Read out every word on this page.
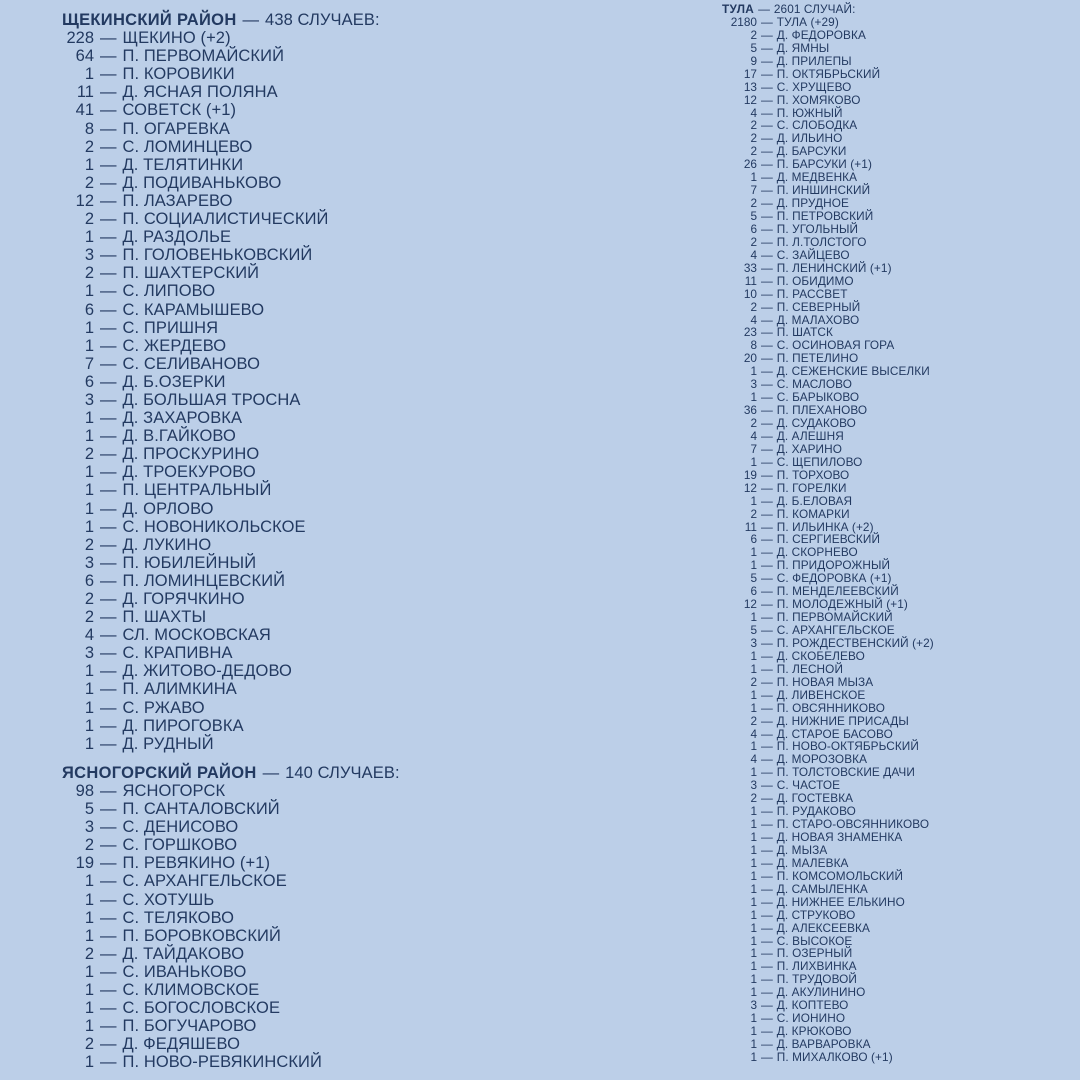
ЩЕКИНСКИЙ РАЙОН — 438 СЛУЧАЕВ:
228 — ЩЕКИНО (+2)
64 — П. ПЕРВОМАЙСКИЙ
1 — П. КОРОВИКИ
11 — Д. ЯСНАЯ ПОЛЯНА
41 — СОВЕТСК (+1)
8 — П. ОГАРЕВКА
2 — С. ЛОМИНЦЕВО
1 — Д. ТЕЛЯТИНКИ
2 — Д. ПОДИВАНЬКОВО
12 — П. ЛАЗАРЕВО
2 — П. СОЦИАЛИСТИЧЕСКИЙ
1 — Д. РАЗДОЛЬЕ
3 — П. ГОЛОВЕНЬКОВСКИЙ
2 — П. ШАХТЕРСКИЙ
1 — С. ЛИПОВО
6 — С. КАРАМЫШЕВО
1 — С. ПРИШНЯ
1 — С. ЖЕРДЕВО
7 — С. СЕЛИВАНОВО
6 — Д. Б.ОЗЕРКИ
3 — Д. БОЛЬШАЯ ТРОСНА
1 — Д. ЗАХАРОВКА
1 — Д. В.ГАЙКОВО
2 — Д. ПРОСКУРИНО
1 — Д. ТРОЕКУРОВО
1 — П. ЦЕНТРАЛЬНЫЙ
1 — Д. ОРЛОВО
1 — С. НОВОНИКОЛЬСКОЕ
2 — Д. ЛУКИНО
3 — П. ЮБИЛЕЙНЫЙ
6 — П. ЛОМИНЦЕВСКИЙ
2 — Д. ГОРЯЧКИНО
2 — П. ШАХТЫ
4 — СЛ. МОСКОВСКАЯ
3 — С. КРАПИВНА
1 — Д. ЖИТОВО-ДЕДОВО
1 — П. АЛИМКИНА
1 — С. РЖАВО
1 — Д. ПИРОГОВКА
1 — Д. РУДНЫЙ
ЯСНОГОРСКИЙ РАЙОН — 140 СЛУЧАЕВ:
98 — ЯСНОГОРСК
5 — П. САНТАЛОВСКИЙ
3 — С. ДЕНИСОВО
2 — С. ГОРШКОВО
19 — П. РЕВЯКИНО (+1)
1 — С. АРХАНГЕЛЬСКОЕ
1 — С. ХОТУШЬ
1 — С. ТЕЛЯКОВО
1 — П. БОРОВКОВСКИЙ
2 — Д. ТАЙДАКОВО
1 — С. ИВАНЬКОВО
1 — С. КЛИМОВСКОЕ
1 — С. БОГОСЛОВСКОЕ
1 — П. БОГУЧАРОВО
2 — Д. ФЕДЯШЕВО
1 — П. НОВО-РЕВЯКИНСКИЙ
ТУЛА — 2601 СЛУЧАЙ:
2180 — ТУЛА (+29)
2 — Д. ФЕДОРОВКА
5 — Д. ЯМНЫ
9 — Д. ПРИЛЕПЫ
17 — П. ОКТЯБРЬСКИЙ
13 — С. ХРУЩЕВО
12 — П. ХОМЯКОВО
4 — П. ЮЖНЫЙ
2 — С. СЛОБОДКА
2 — Д. ИЛЬИНО
2 — Д. БАРСУКИ
26 — П. БАРСУКИ (+1)
1 — Д. МЕДВЕНКА
7 — П. ИНШИНСКИЙ
2 — Д. ПРУДНОЕ
5 — П. ПЕТРОВСКИЙ
6 — П. УГОЛЬНЫЙ
2 — П. Л.ТОЛСТОГО
4 — С. ЗАЙЦЕВО
33 — П. ЛЕНИНСКИЙ (+1)
11 — П. ОБИДИМО
10 — П. РАССВЕТ
2 — П. СЕВЕРНЫЙ
4 — Д. МАЛАХОВО
23 — П. ШАТСК
8 — С. ОСИНОВАЯ ГОРА
20 — П. ПЕТЕЛИНО
1 — Д. СЕЖЕНСКИЕ ВЫСЕЛКИ
3 — С. МАСЛОВО
1 — С. БАРЫКОВО
36 — П. ПЛЕХАНОВО
2 — Д. СУДАКОВО
4 — Д. АЛЕШНЯ
7 — Д. ХАРИНО
1 — С. ЩЕПИЛОВО
19 — П. ТОРХОВО
12 — П. ГОРЕЛКИ
1 — Д. Б.ЕЛОВАЯ
2 — П. КОМАРКИ
11 — П. ИЛЬИНКА (+2)
6 — П. СЕРГИЕВСКИЙ
1 — Д. СКОРНЕВО
1 — П. ПРИДОРОЖНЫЙ
5 — С. ФЕДОРОВКА (+1)
6 — П. МЕНДЕЛЕЕВСКИЙ
12 — П. МОЛОДЕЖНЫЙ (+1)
1 — П. ПЕРВОМАЙСКИЙ
5 — С. АРХАНГЕЛЬСКОЕ
3 — П. РОЖДЕСТВЕНСКИЙ (+2)
1 — Д. СКОБЕЛЕВО
1 — П. ЛЕСНОЙ
2 — П. НОВАЯ МЫЗА
1 — Д. ЛИВЕНСКОЕ
1 — П. ОВСЯННИКОВО
2 — Д. НИЖНИЕ ПРИСАДЫ
4 — Д. СТАРОЕ БАСОВО
1 — П. НОВО-ОКТЯБРЬСКИЙ
4 — Д. МОРОЗОВКА
1 — П. ТОЛСТОВСКИЕ ДАЧИ
3 — С. ЧАСТОЕ
2 — Д. ГОСТЕВКА
1 — П. РУДАКОВО
1 — П. СТАРО-ОВСЯННИКОВО
1 — Д. НОВАЯ ЗНАМЕНКА
1 — Д. МЫЗА
1 — Д. МАЛЕВКА
1 — П. КОМСОМОЛЬСКИЙ
1 — Д. САМЫЛЕНКА
1 — Д. НИЖНЕЕ ЕЛЬКИНО
1 — Д. СТРУКОВО
1 — Д. АЛЕКСЕЕВКА
1 — С. ВЫСОКОЕ
1 — П. ОЗЕРНЫЙ
1 — П. ЛИХВИНКА
1 — П. ТРУДОВОЙ
1 — Д. АКУЛИНИНО
3 — Д. КОПТЕВО
1 — С. ИОНИНО
1 — Д. КРЮКОВО
1 — Д. ВАРВАРОВКА
1 — П. МИХАЛКОВО (+1)
